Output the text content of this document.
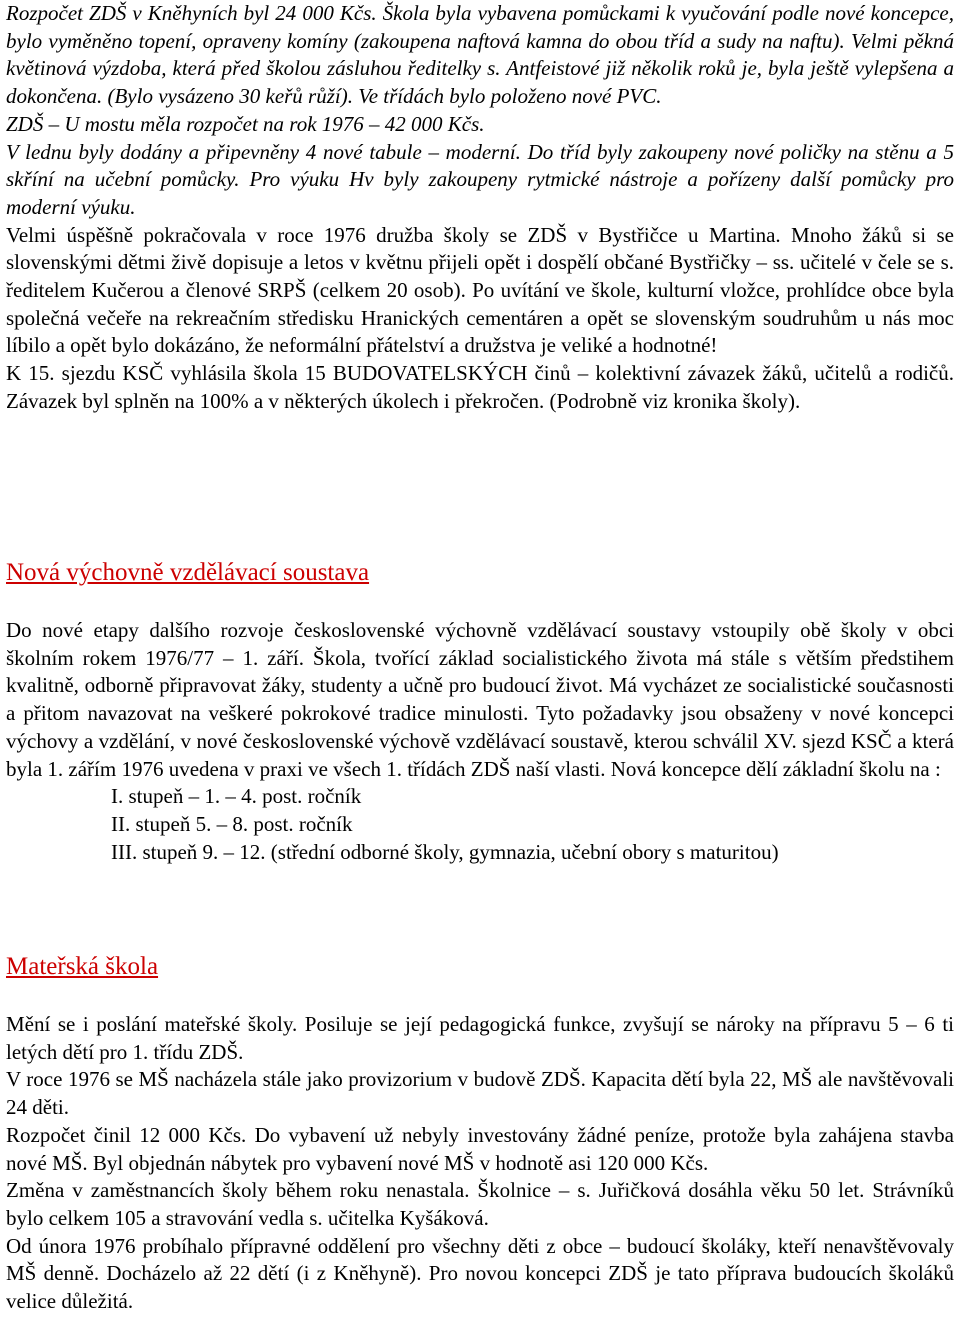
Rozpočet ZDŠ v Kněhyních byl 24 000 Kčs. Škola byla vybavena pomůckami k vyučování podle nové koncepce, bylo vyměněno topení, opraveny komíny (zakoupena naftová kamna do obou tříd a sudy na naftu). Velmi pěkná květinová výzdoba, která před školou zásluhou ředitelky s. Antfeistové již několik roků je, byla ještě vylepšena a dokončena. (Bylo vysázeno 30 keřů růží). Ve třídách bylo položeno nové PVC.

ZDŠ – U mostu měla rozpočet na rok 1976 – 42 000 Kčs.

V lednu byly dodány a připevněny 4 nové tabule – moderní. Do tříd byly zakoupeny nové poličky na stěnu a 5 skříní na učební pomůcky. Pro výuku Hv byly zakoupeny rytmické nástroje a pořízeny další pomůcky pro moderní výuku.

Velmi úspěšně pokračovala v roce 1976 družba školy se ZDŠ v Bystřičce u Martina. Mnoho žáků si se slovenskými dětmi živě dopisuje a letos v květnu přijeli opět i dospělí občané Bystřičky – ss. učitelé v čele se s. ředitelem Kučerou a členové SRPŠ (celkem 20 osob). Po uvítání ve škole, kulturní vložce, prohlídce obce byla společná večeře na rekreačním středisku Hranických cementáren a opět se slovenským soudruhům u nás moc líbilo a opět bylo dokázáno, že neformální přátelství a družstva je veliké a hodnotné!

K 15. sjezdu KSČ vyhlásila škola 15 BUDOVATELSKÝCH činů – kolektivní závazek žáků, učitelů a rodičů. Závazek byl splněn na 100% a v některých úkolech i překročen. (Podrobně viz kronika školy).

Nová výchovně vzdělávací soustava

Do nové etapy dalšího rozvoje československé výchovně vzdělávací soustavy vstoupily obě školy v obci školním rokem 1976/77 – 1. září. Škola, tvořící základ socialistického života má stále s větším předstihem kvalitně, odborně připravovat žáky, studenty a učně pro budoucí život. Má vycházet ze socialistické současnosti a přitom navazovat na veškeré pokrokové tradice minulosti. Tyto požadavky jsou obsaženy v nové koncepci výchovy a vzdělání, v nové československé výchově vzdělávací soustavě, kterou schválil XV. sjezd KSČ a která byla 1. zářím 1976 uvedena v praxi ve všech 1. třídách ZDŠ naší vlasti. Nová koncepce dělí základní školu na :

I. stupeň – 1. – 4. post. ročník

II. stupeň 5. – 8. post. ročník

III. stupeň 9. – 12. (střední odborné školy, gymnazia, učební obory s maturitou)

Mateřská škola

Mění se i poslání mateřské školy. Posiluje se její pedagogická funkce, zvyšují se nároky na přípravu 5 – 6 ti letých dětí pro 1. třídu ZDŠ.

V roce 1976 se MŠ nacházela stále jako provizorium v budově ZDŠ. Kapacita dětí byla 22, MŠ ale navštěvovali 24 děti.

Rozpočet činil 12 000 Kčs. Do vybavení už nebyly investovány žádné peníze, protože byla zahájena stavba nové MŠ. Byl objednán nábytek pro vybavení nové MŠ v hodnotě asi 120 000 Kčs.

Změna v zaměstnancích školy během roku nenastala. Školnice – s. Juřičková dosáhla věku 50 let. Strávníků bylo celkem 105 a stravování vedla s. učitelka Kyšáková.

Od února 1976 probíhalo přípravné oddělení pro všechny děti z obce – budoucí školáky, kteří nenavštěvovaly MŠ denně. Docházelo až 22 dětí (i z Kněhyně). Pro novou koncepci ZDŠ je tato příprava budoucích školáků velice důležitá.
